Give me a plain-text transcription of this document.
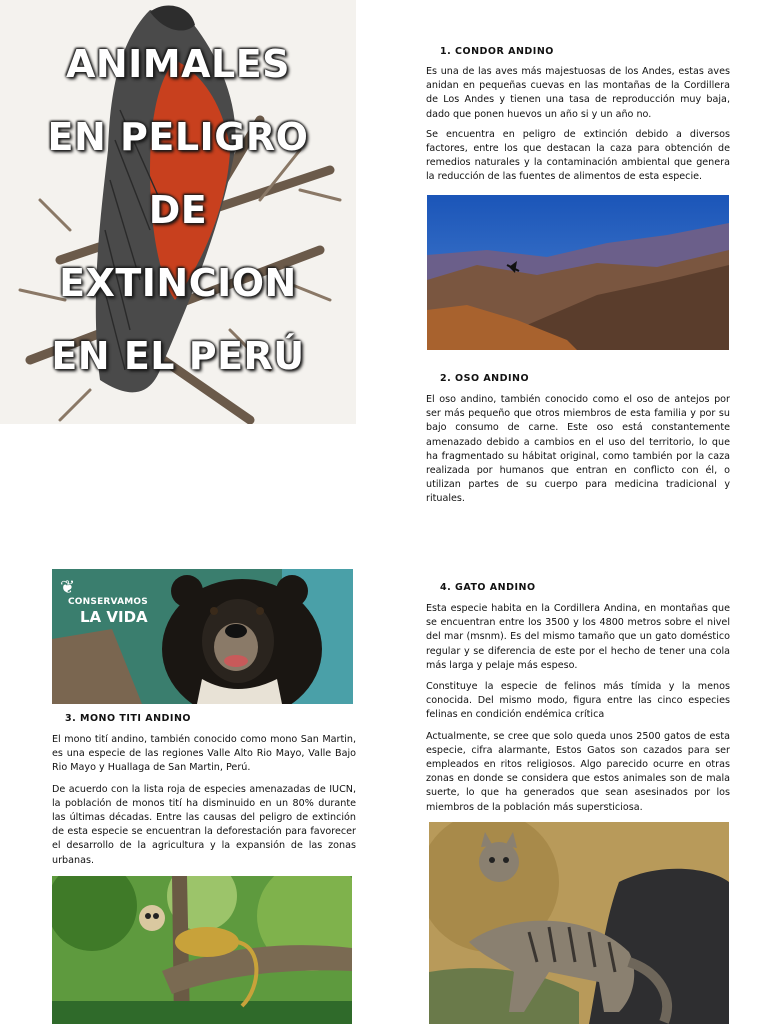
ANIMALES
EN PELIGRO
DE
EXTINCION
EN EL PERÚ
1. CONDOR ANDINO

Es una de las aves más majestuosas de los Andes, estas aves anidan en pequeñas cuevas en las montañas de la Cordillera de Los Andes y tienen una tasa de reproducción muy baja, dado que ponen huevos un año si y un año no.

Se encuentra en peligro de extinción debido a diversos factores, entre los que destacan la caza para obtención de remedios naturales y la contaminación ambiental que genera la reducción de las fuentes de alimentos de esta especie.

2. OSO ANDINO

El oso andino, también conocido como el oso de antejos por ser más pequeño que otros miembros de esta familia y por su bajo consumo de carne. Este oso está constantemente amenazado debido a cambios en el uso del territorio, lo que ha fragmentado su hábitat original, como también por la caza realizada por humanos que entran en conflicto con él, o utilizan partes de su cuerpo para medicina tradicional y rituales.

❦
CONSERVAMOS
LA VIDA
3. MONO TITI ANDINO

El mono tití andino, también conocido como mono San Martin, es una especie de las regiones Valle Alto Rio Mayo, Valle Bajo Rio Mayo y Huallaga de San Martin, Perú.

De acuerdo con la lista roja de especies amenazadas de IUCN, la población de monos tití ha disminuido en un 80% durante las últimas décadas. Entre las causas del peligro de extinción de esta especie se encuentran la deforestación para favorecer el desarrollo de la agricultura y la expansión de las zonas urbanas.

4. GATO ANDINO

Esta especie habita en la Cordillera Andina, en montañas que se encuentran entre los 3500 y los 4800 metros sobre el nivel del mar (msnm). Es del mismo tamaño que un gato doméstico regular y se diferencia de este por el hecho de tener una cola más larga y pelaje más espeso.

Constituye la especie de felinos más tímida y la menos conocida. Del mismo modo, figura entre las cinco especies felinas en condición endémica crítica

Actualmente, se cree que solo queda unos 2500 gatos de esta especie, cifra alarmante, Estos Gatos son cazados para ser empleados en ritos religiosos. Algo parecido ocurre en otras zonas en donde se considera que estos animales son de mala suerte, lo que ha generados que sean asesinados por los miembros de la población más supersticiosa.
